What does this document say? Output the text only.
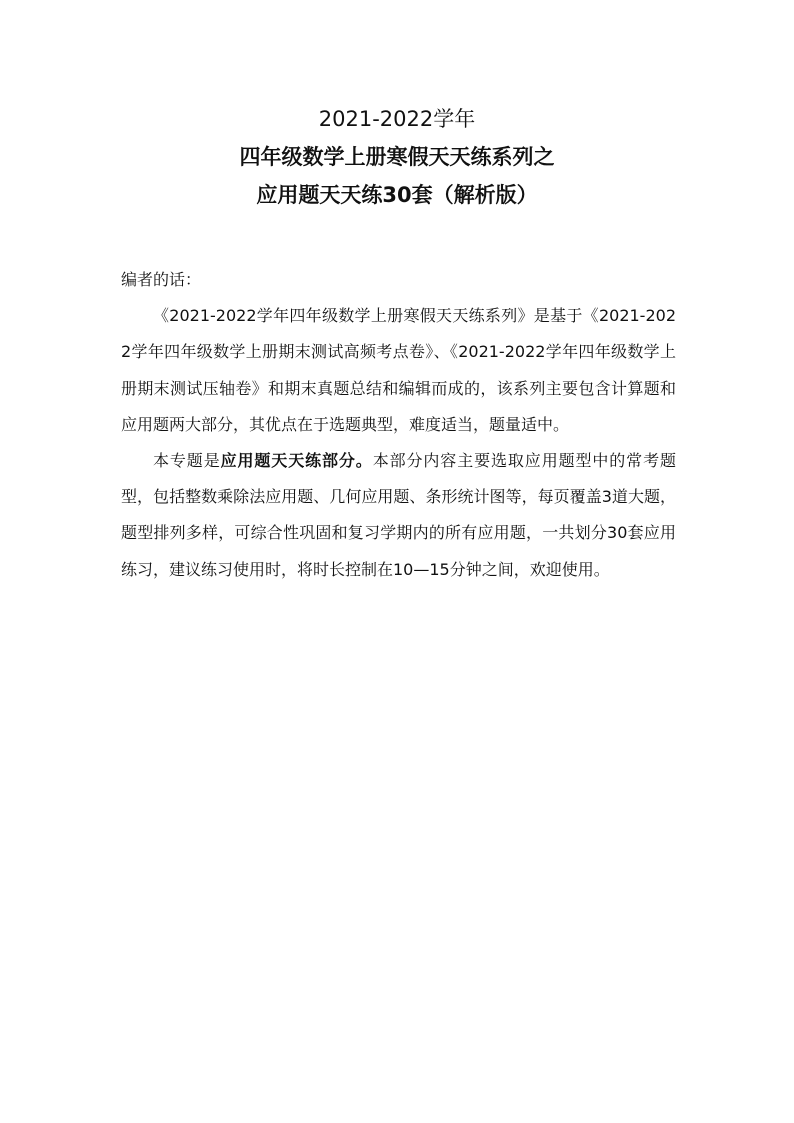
2021-2022学年
四年级数学上册寒假天天练系列之
应用题天天练30套（解析版）
编者的话：

《2021-2022学年四年级数学上册寒假天天练系列》是基于《2021-2022学年四年级数学上册期末测试高频考点卷》、《2021-2022学年四年级数学上册期末测试压轴卷》和期末真题总结和编辑而成的，该系列主要包含计算题和应用题两大部分，其优点在于选题典型，难度适当，题量适中。

本专题是应用题天天练部分。本部分内容主要选取应用题型中的常考题型，包括整数乘除法应用题、几何应用题、条形统计图等，每页覆盖3道大题，题型排列多样，可综合性巩固和复习学期内的所有应用题，一共划分30套应用练习，建议练习使用时，将时长控制在10—15分钟之间，欢迎使用。
